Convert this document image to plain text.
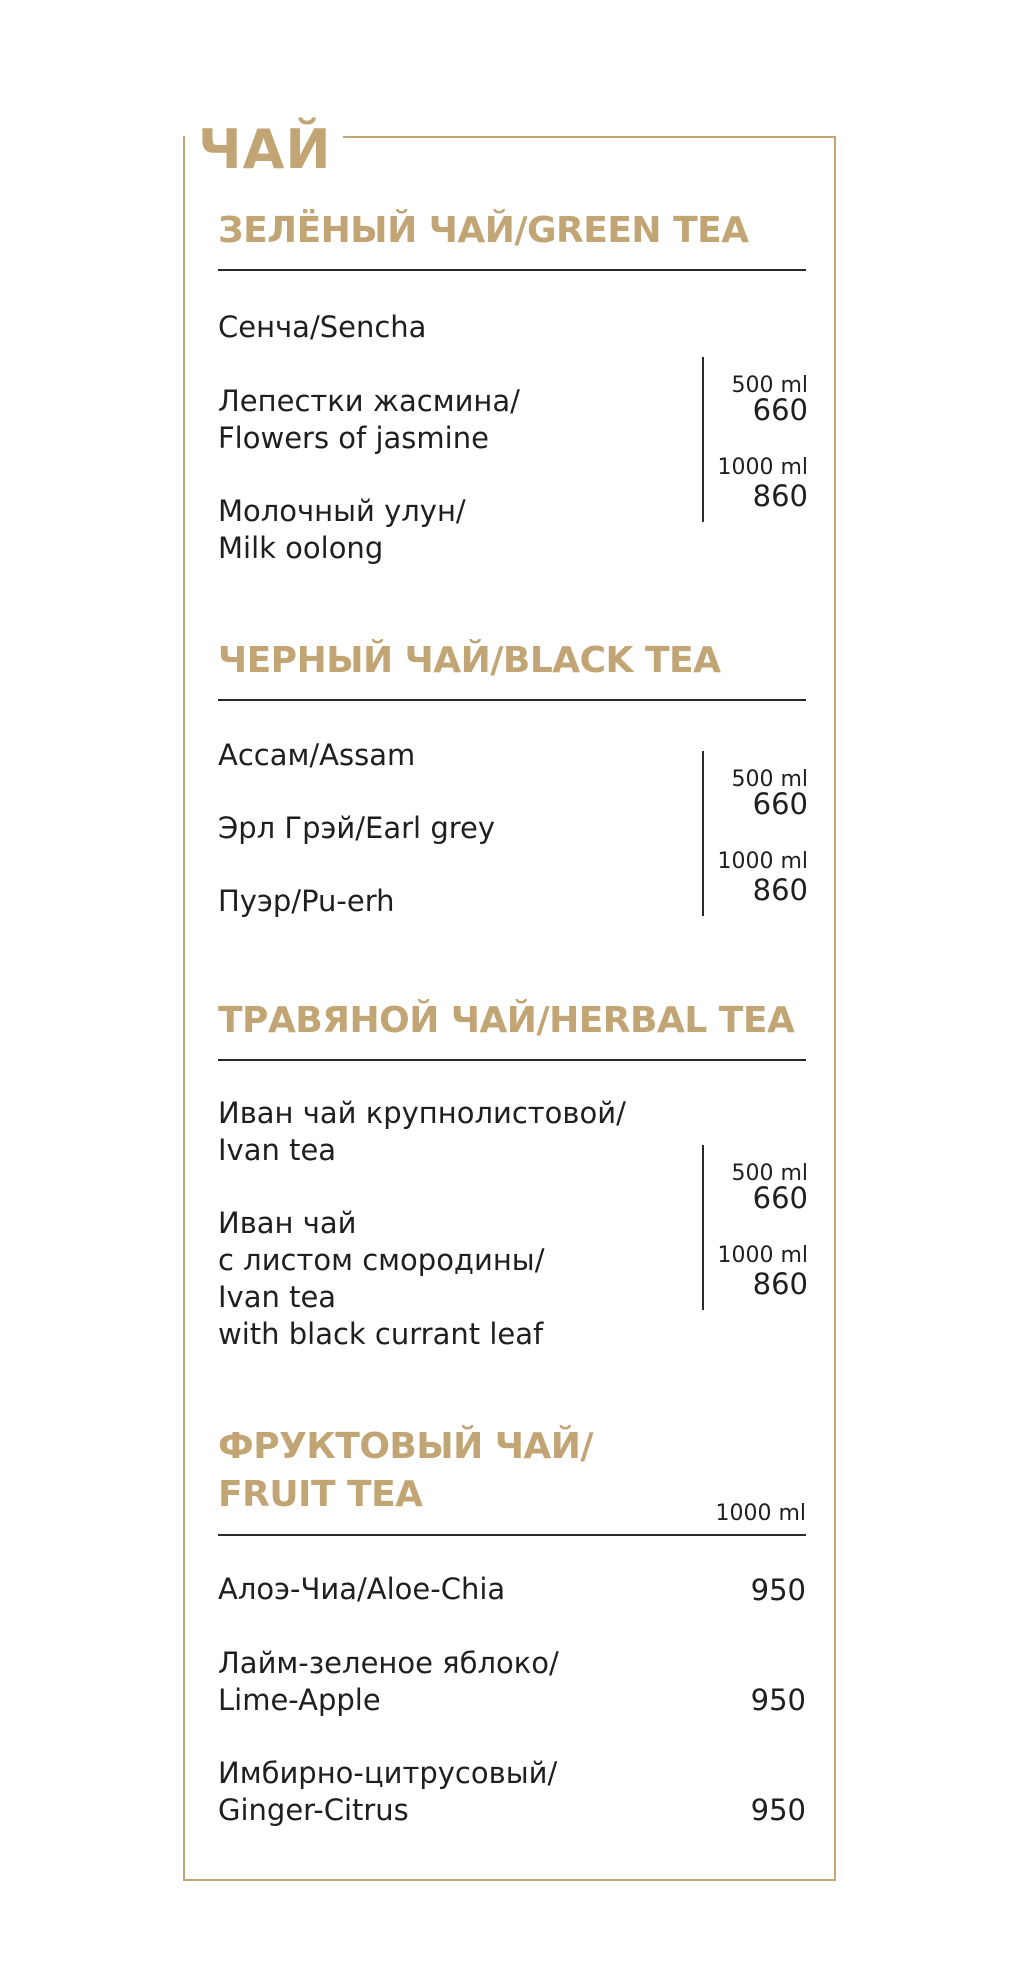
ЧАЙ
ЗЕЛЁНЫЙ ЧАЙ/GREEN TEA
Сенча/Sencha
Лепестки жасмина/
Flowers of jasmine
Молочный улун/
Milk oolong
500 ml
660
1000 ml
860
ЧЕРНЫЙ ЧАЙ/BLACK TEA
Ассам/Assam
Эрл Грэй/Earl grey
Пуэр/Pu-erh
500 ml
660
1000 ml
860
ТРАВЯНОЙ ЧАЙ/HERBAL TEA
Иван чай крупнолистовой/
Ivan tea
Иван чай
с листом смородины/
Ivan tea
with black currant leaf
500 ml
660
1000 ml
860
ФРУКТОВЫЙ ЧАЙ/
FRUIT TEA	1000 ml
Алоэ-Чиа/Aloe-Chia	950
Лайм-зеленое яблоко/
Lime-Apple	950
Имбирно-цитрусовый/
Ginger-Citrus	950
